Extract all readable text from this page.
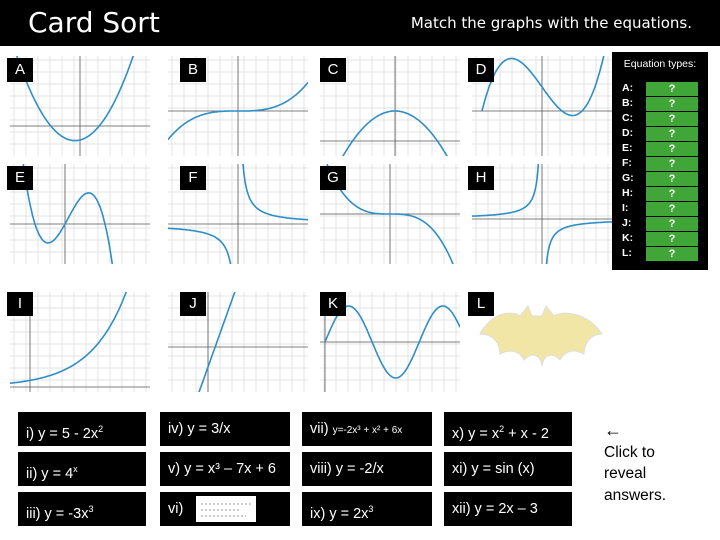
Card Sort	Match the graphs with the equations.
A	B	C	D
E	F	G	H
I	J	K	L
i) $y = 5 - 2x^2$
ii) $y = 4^x$
iii) $y = -3x^3$
iv) y = 3/x
v) y = x³ – 7x + 6
vi)
vii) y=-2x³ + x² + 6x
viii) y = -2/x
ix) $y = 2x^3$
x) $y = x^2 + x - 2$
xi) y = sin (x)
xii) y = 2x – 3
Equation types:
A:	?
B:	?
C:	?
D:	?
E:	?
F:	?
G:	?
H:	?
I:	?
J:	?
K:	?
L:	?
←
Click to
reveal
answers.
